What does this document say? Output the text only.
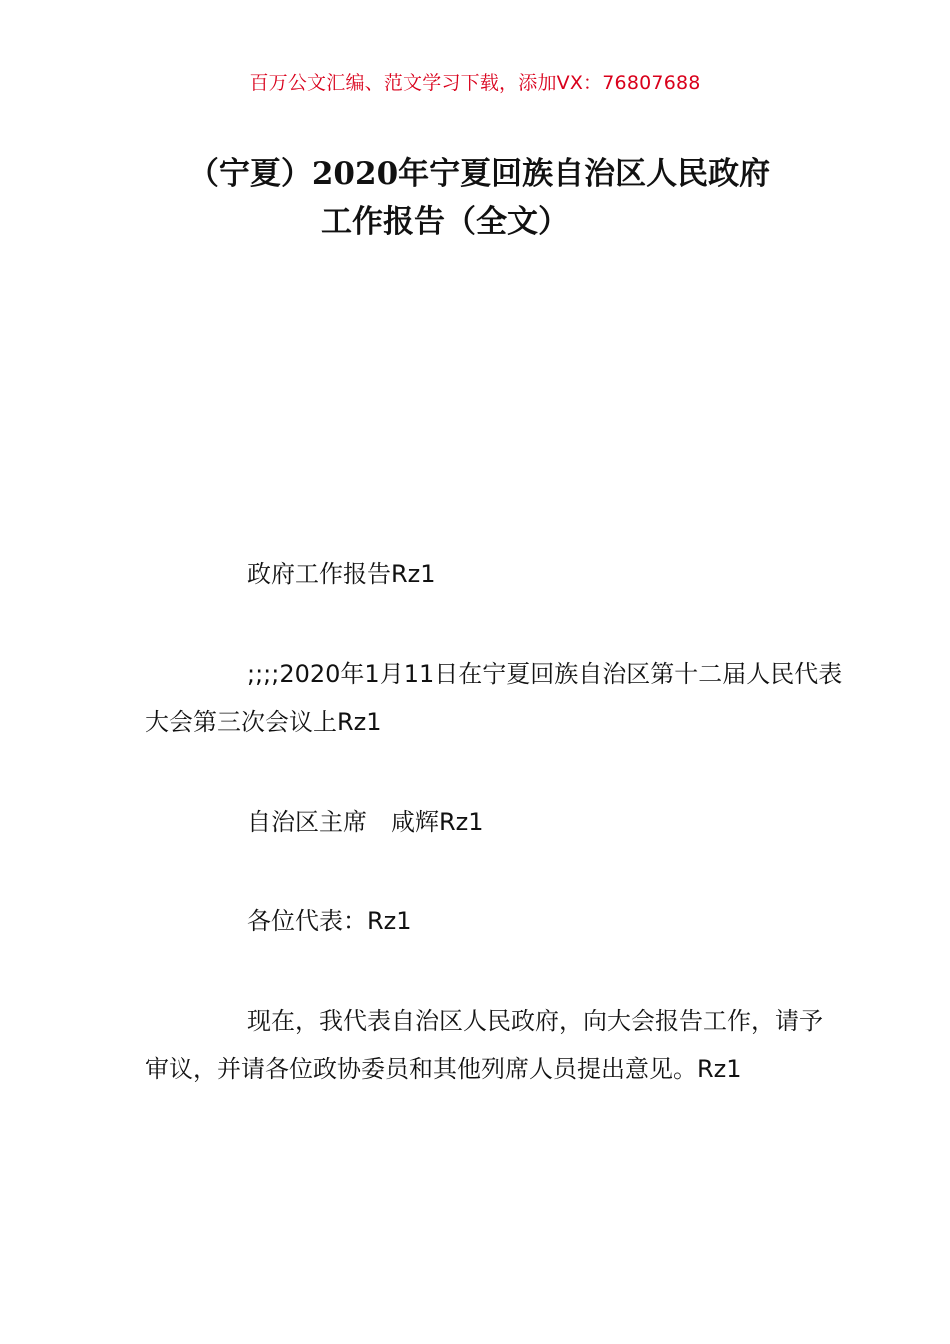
百万公文汇编、范文学习下载，添加VX：76807688
（宁夏）2020年宁夏回族自治区人民政府
工作报告（全文）

政府工作报告Rz1

;;;;2020年1月11日在宁夏回族自治区第十二届人民代表大会第三次会议上Rz1

自治区主席 咸辉Rz1

各位代表：Rz1

现在，我代表自治区人民政府，向大会报告工作，请予审议，并请各位政协委员和其他列席人员提出意见。Rz1
